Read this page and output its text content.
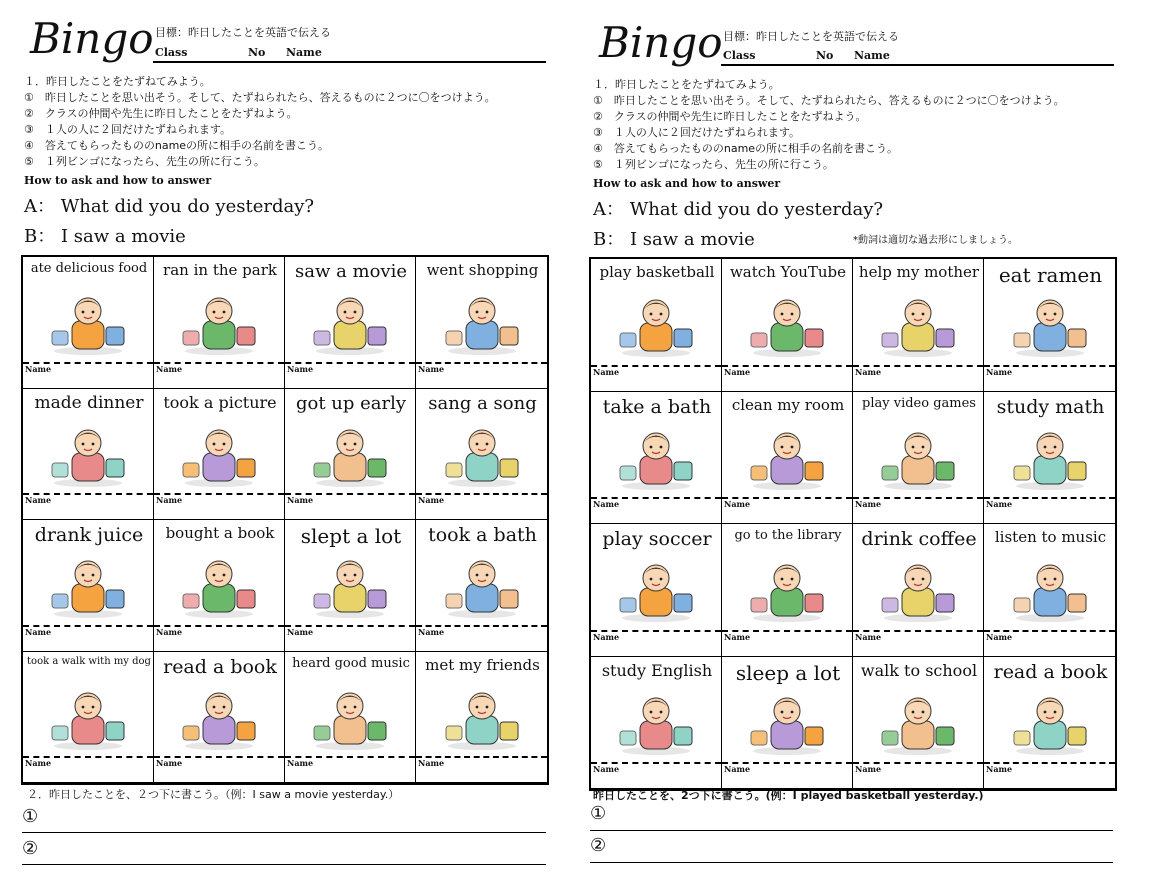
Bingo 目標：昨日したことを英語で伝える
Class	No	Name
１．昨日したことをたずねてみよう。
①　昨日したことを思い出そう。そして、たずねられたら、答えるものに２つに〇をつけよう。
②　クラスの仲間や先生に昨日したことをたずねよう。
③　１人の人に２回だけたずねられます。
④　答えてもらったもののnameの所に相手の名前を書こう。
⑤　１列ビンゴになったら、先生の所に行こう。
How to ask and how to answer
A： What did you do yesterday?
B： I saw a movie
ate delicious food
Name
ran in the park
Name
saw a movie
Name
went shopping
Name
made dinner
Name
took a picture
Name
got up early
Name
sang a song
Name
drank juice
Name
bought a book
Name
slept a lot
Name
took a bath
Name
took a walk with my dog
Name
read a book
Name
heard good music
Name
met my friends
Name
２．昨日したことを、２つ下に書こう。（例：I saw a movie yesterday.）
①
②
Bingo 目標：昨日したことを英語で伝える
Class	No	Name
１．昨日したことをたずねてみよう。
①　昨日したことを思い出そう。そして、たずねられたら、答えるものに２つに〇をつけよう。
②　クラスの仲間や先生に昨日したことをたずねよう。
③　１人の人に２回だけたずねられます。
④　答えてもらったもののnameの所に相手の名前を書こう。
⑤　１列ビンゴになったら、先生の所に行こう。
How to ask and how to answer
A： What did you do yesterday?
B： I saw a movie	*動詞は適切な過去形にしましょう。
play basketball
Name
watch YouTube
Name
help my mother
Name
eat ramen
Name
take a bath
Name
clean my room
Name
play video games
Name
study math
Name
play soccer
Name
go to the library
Name
drink coffee
Name
listen to music
Name
study English
Name
sleep a lot
Name
walk to school
Name
read a book
Name
昨日したことを、2つ下に書こう。(例：I played basketball yesterday.)
①
②
